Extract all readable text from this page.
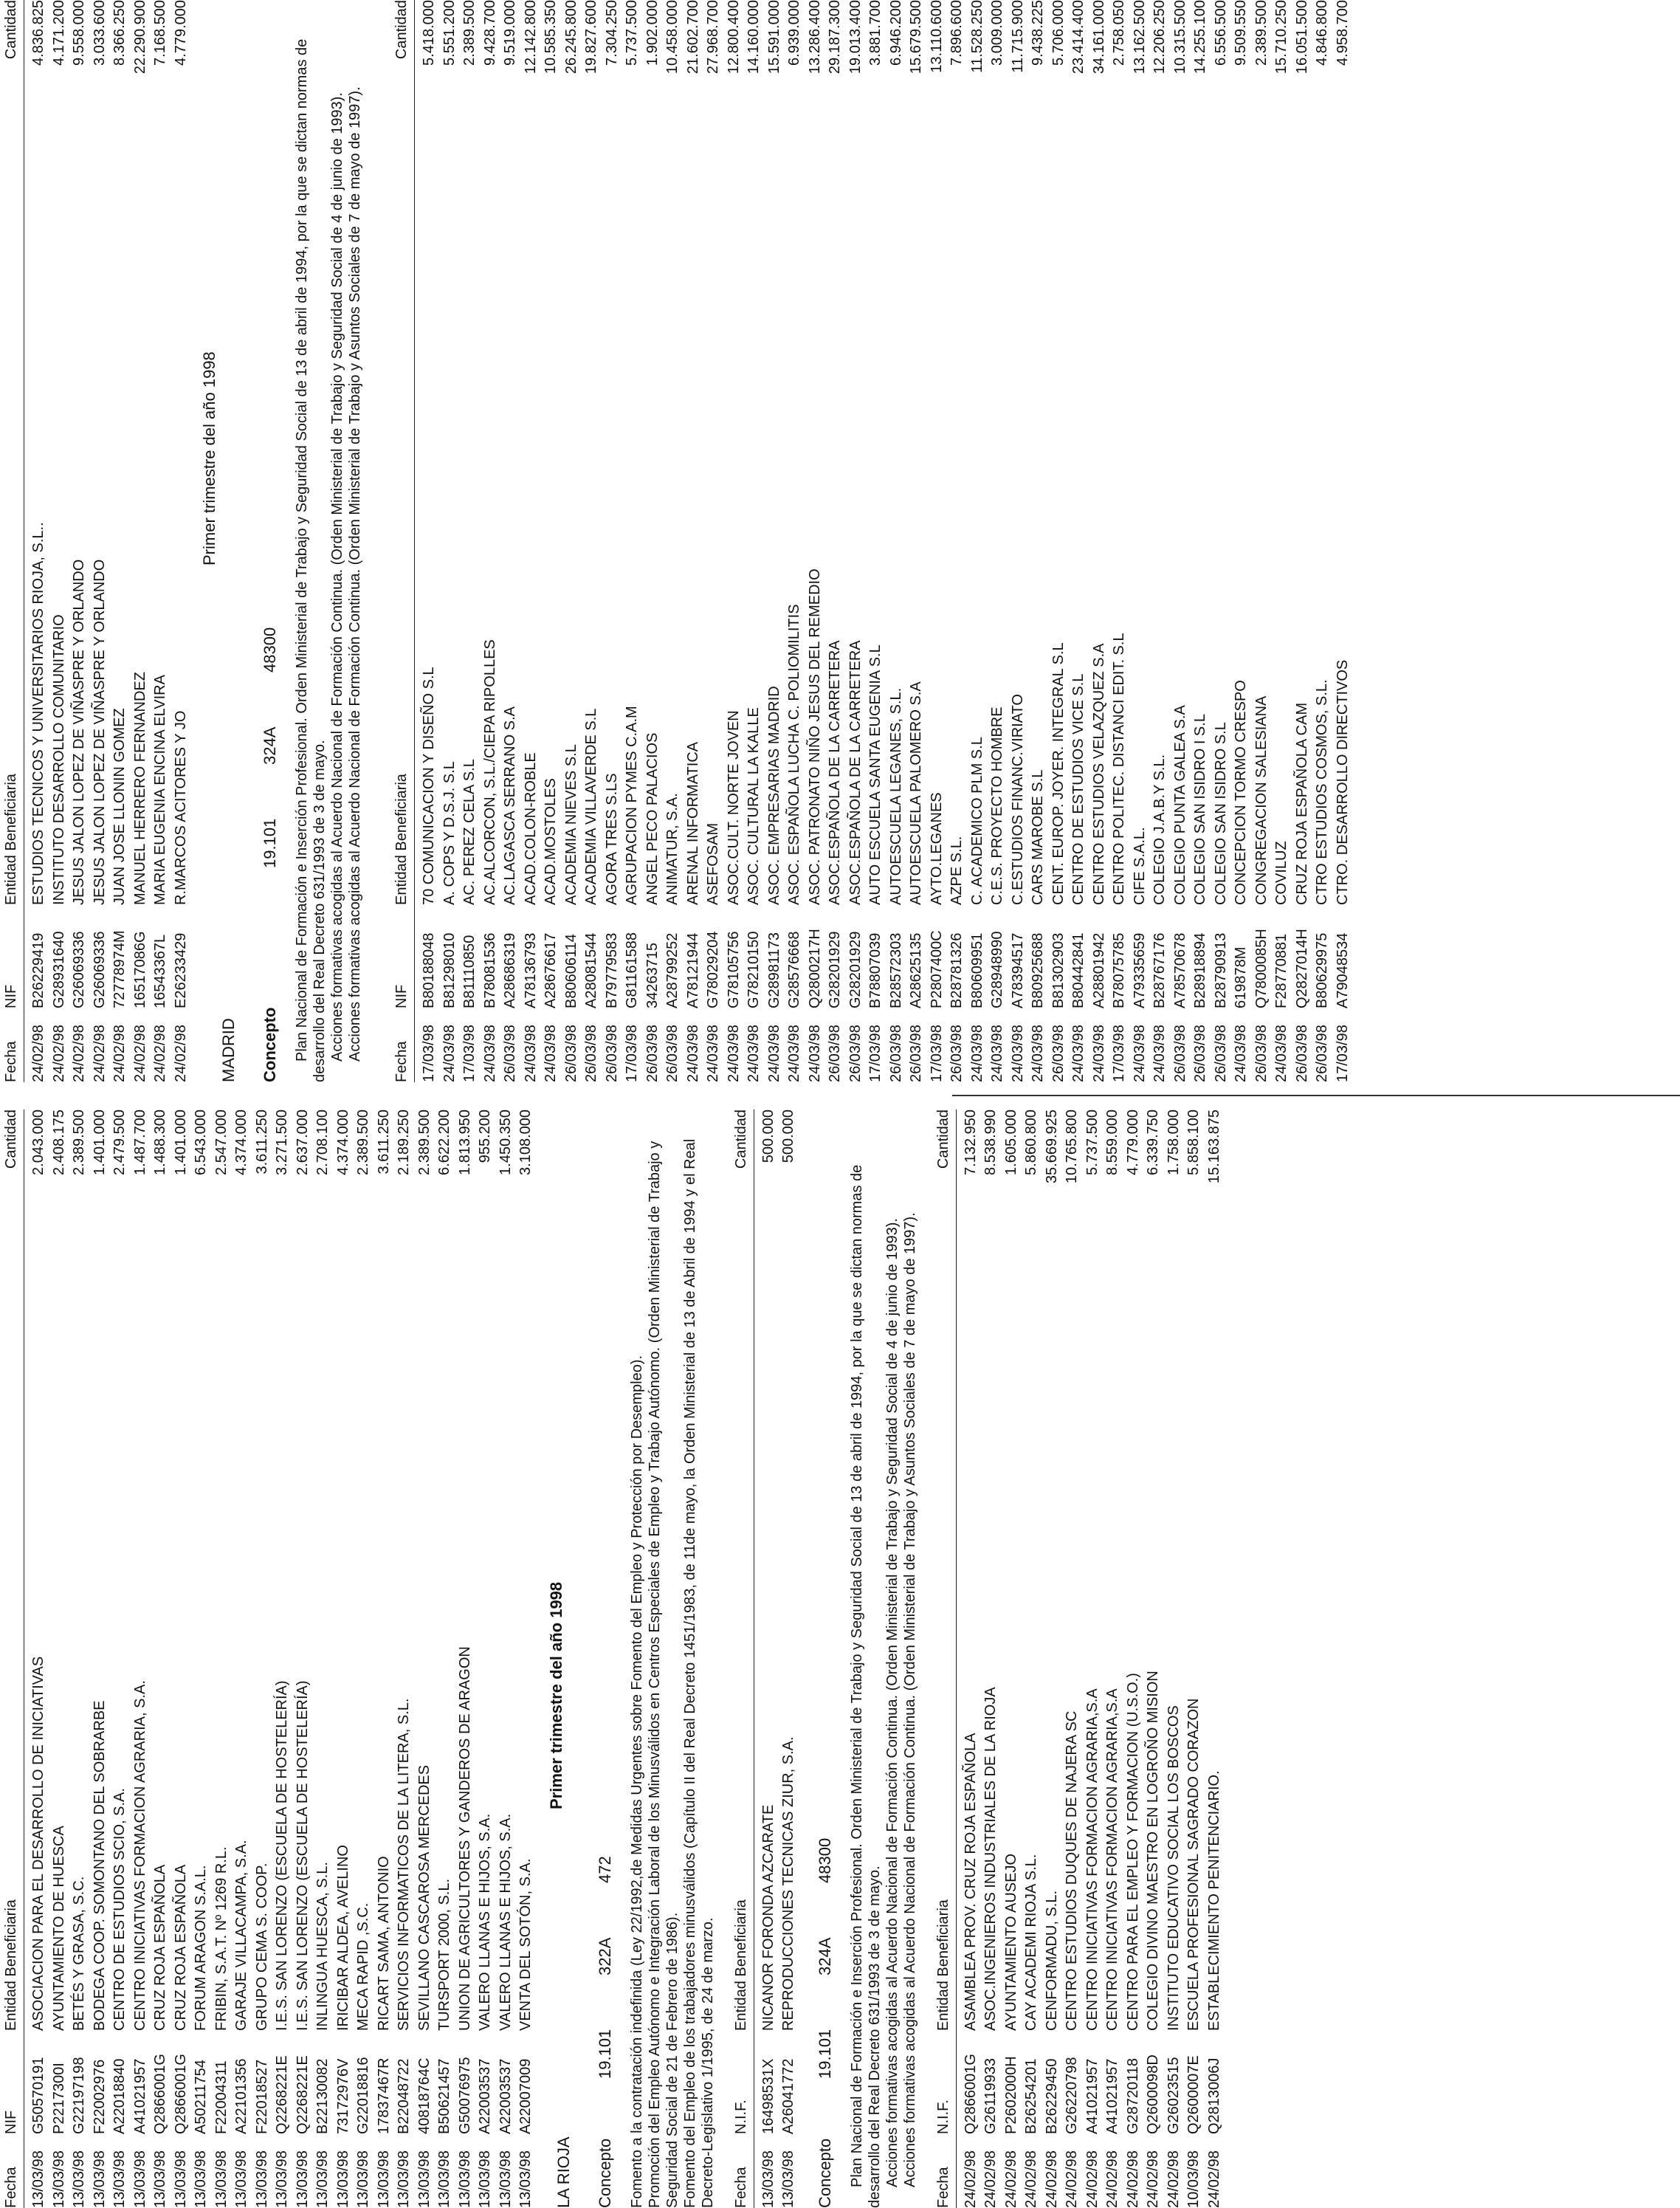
Fecha
NIF
Entidad Beneficiaria
Cantidad
13/03/98
G50570191
ASOCIACION PARA EL DESARROLLO DE INICIATIVAS
2.043.000
13/03/98
P2217300I
AYUNTAMIENTO DE HUESCA
2.408.175
13/03/98
G22197198
BETÉS Y GRASA, S.C.
2.389.500
13/03/98
F22002976
BODEGA COOP. SOMONTANO DEL SOBRARBE
1.401.000
13/03/98
A22018840
CENTRO DE ESTUDIOS SCIO, S.A.
2.479.500
13/03/98
A41021957
CENTRO INICIATIVAS FORMACION AGRARIA, S.A.
1.487.700
13/03/98
Q2866001G
CRUZ ROJA ESPAÑOLA
1.488.300
13/03/98
Q2866001G
CRUZ ROJA ESPAÑOLA
1.401.000
13/03/98
A50211754
FORUM ARAGON S.A.L.
6.543.000
13/03/98
F22004311
FRIBIN, S.A.T. Nº 1269 R.L.
2.547.000
13/03/98
A22101356
GARAJE VILLACAMPA, S.A.
4.374.000
13/03/98
F22018527
GRUPO CEMA S. COOP.
3.611.250
13/03/98
Q2268221E
I.E.S. SAN LORENZO (ESCUELA DE HOSTELERÍA)
3.271.500
13/03/98
Q2268221E
I.E.S. SAN LORENZO (ESCUELA DE HOSTELERÍA)
2.637.000
13/03/98
B22130082
INLINGUA HUESCA, S.L.
2.708.100
13/03/98
73172976V
IRICIBAR ALDEA, AVELINO
4.374.000
13/03/98
G22018816
MECA RAPID ,S.C.
2.389.500
13/03/98
17837467R
RICART SAMA, ANTONIO
3.611.250
13/03/98
B22048722
SERVICIOS INFORMATICOS DE LA LITERA, S.L.
2.189.250
13/03/98
40818764C
SEVILLANO CASCAROSA MERCEDES
2.389.500
13/03/98
B50621457
TURSPORT 2000, S.L.
6.622.200
13/03/98
G50076975
UNION DE AGRICULTORES Y GANDEROS DE ARAGON
1.813.950
13/03/98
A22003537
VALERO LLANAS E HIJOS, S.A.
955.200
13/03/98
A22003537
VALERO LLANAS E HIJOS, S.A.
1.450.350
13/03/98
A22007009
VENTA DEL SOTÓN, S.A.
3.108.000
LA RIOJA
Primer trimestre del año 1998
Concepto
19.101
322A
472 Fomento a la contratación indefinida (Ley 22/1992,de Medidas Urgentes sobre Fomento del Empleo y Protección por Desempleo). Promoción del Empleo Autónomo e Integración Laboral de los Minusválidos en Centros Especiales de Empleo y Trabajo Autónomo. (Orden Ministerial de Trabajo y Seguridad Social de 21 de Febrero de 1986). Fomento del Empleo de los trabajadores minusválidos (Capítulo II del Real Decreto 1451/1983, de 11de mayo, la Orden Ministerial de 13 de Abril de 1994 y el Real Decreto-Legislativo 1/1995, de 24 de marzo. Fecha
N.I.F.
Entidad Beneficiaria
Cantidad
13/03/98
16498531X
NICANOR FORONDA AZCARATE
500.000
13/03/98
A26041772
REPRODUCCIONES TECNICAS ZIUR, S.A.
500.000
Concepto
19.101
324A
48300 Plan Nacional de Formación e Inserción Profesional. Orden Ministerial de Trabajo y Seguridad Social de 13 de abril de 1994, por la que se dictan normas de desarrollo del Real Decreto 631/1993 de 3 de mayo. Acciones formativas acogidas al Acuerdo Nacional de Formación Continua. (Orden Ministerial de Trabajo y Seguridad Social de 4 de junio de 1993). Acciones formativas acogidas al Acuerdo Nacional de Formación Continua. (Orden Ministerial de Trabajo y Asuntos Sociales de 7 de mayo de 1997).

Fecha
N.I.F.
Entidad Beneficiaria
Cantidad
24/02/98
Q2866001G
ASAMBLEA PROV. CRUZ ROJA ESPAÑOLA
7.132.950
24/02/98
G26119933
ASOC.INGENIEROS INDUSTRIALES DE LA RIOJA
8.538.990
24/02/98
P2602000H
AYUNTAMIENTO AUSEJO
1.605.000
24/02/98
B26254201
CAY ACADEMI RIOJA S.L.
5.860.800
24/02/98
B26229450
CENFORMADU, S.L.
35.669.925
24/02/98
G26220798
CENTRO ESTUDIOS DUQUES DE NAJERA SC
10.765.800
24/02/98
A41021957
CENTRO INICIATIVAS FORMACION AGRARIA,S.A
5.737.500
24/02/98
A41021957
CENTRO INICIATIVAS FORMACION AGRARIA,S.A
8.559.000
24/02/98
G28720118
CENTRO PARA EL EMPLEO Y FORMACION (U.S.O.)
4.779.000
24/02/98
Q2600098D
COLEGIO DIVINO MAESTRO EN LOGROÑO MISION
6.339.750
24/02/98
G26023515
INSTITUTO EDUCATIVO SOCIAL LOS BOSCOS
1.758.000
10/03/98
Q2600007E
ESCUELA PROFESIONAL SAGRADO CORAZON
5.858.100
24/02/98
Q2813006J
ESTABLECIMIENTO PENITENCIARIO.
15.163.875
Fecha
NIF
Entidad Beneficiaria
Cantidad
24/02/98
B26229419
ESTUDIOS TECNICOS Y UNIVERSITARIOS RIOJA, S.L..
4.836.825
24/02/98
G28931640
INSTITUTO DESARROLLO COMUNITARIO
4.171.200
24/02/98
G26069336
JESUS JALON LOPEZ DE VIÑASPRE Y ORLANDO
9.558.000
24/02/98
G26069336
JESUS JALON LOPEZ DE VIÑASPRE Y ORLANDO
3.033.600
24/02/98
72778974M
JUAN JOSE LLONIN GOMEZ
8.366.250
24/02/98
16517086G
MANUEL HERRERO FERNANDEZ
22.290.900
24/02/98
16543367L
MARIA EUGENIA ENCINA ELVIRA
7.168.500
24/02/98
E26233429
R.MARCOS ACITORES Y JO
4.779.000
MADRID
Primer trimestre del año 1998
Concepto
19.101
324A
48300 Plan Nacional de Formación e Inserción Profesional. Orden Ministerial de Trabajo y Seguridad Social de 13 de abril de 1994, por la que se dictan normas de desarrollo del Real Decreto 631/1993 de 3 de mayo. Acciones formativas acogidas al Acuerdo Nacional de Formación Continua. (Orden Ministerial de Trabajo y Seguridad Social de 4 de junio de 1993). Acciones formativas acogidas al Acuerdo Nacional de Formación Continua. (Orden Ministerial de Trabajo y Asuntos Sociales de 7 de mayo de 1997).

Fecha
NIF
Entidad Beneficiaria
Cantidad
17/03/98
B80188048
70 COMUNICACION Y DISEÑO S.L
5.418.000
24/03/98
B81298010
A. COPS Y D.S.J. S.L
5.551.200
17/03/98
B81110850
AC. PEREZ CELA S.L
2.389.500
24/03/98
B78081536
AC.ALCORCON, S.L./CIEPA RIPOLLES
9.428.700
26/03/98
A28686319
AC.LAGASCA SERRANO S.A
9.519.000
24/03/98
A78136793
ACAD.COLON-ROBLE
12.142.800
24/03/98
A28676617
ACAD.MOSTOLES
10.585.350
26/03/98
B80606114
ACADEMIA NIEVES S.L
26.245.800
26/03/98
A28081544
ACADEMIA VILLAVERDE S.L
19.827.600
26/03/98
B79779583
AGORA TRES S.LS
7.304.250
17/03/98
G81161588
AGRUPACION PYMES C.A.M
5.737.500
26/03/98
34263715
ANGEL PECO PALACIOS
1.902.000
26/03/98
A28799252
ANIMATUR, S.A.
10.458.000
24/03/98
A78121944
ARENAL INFORMATICA
21.602.700
24/03/98
G78029204
ASEFOSAM
27.968.700
24/03/98
G78105756
ASOC.CULT. NORTE JOVEN
12.800.400
24/03/98
G78210150
ASOC. CULTURAL LA KALLE
14.160.000
24/03/98
G28981173
ASOC. EMPRESARIAS MADRID
15.591.000
24/03/98
G28576668
ASOC. ESPAÑOLA LUCHA C. POLIOMILITIS
6.939.000
24/03/98
Q2800217H
ASOC. PATRONATO NIÑO JESUS DEL REMEDIO
13.286.400
26/03/98
G28201929
ASOC.ESPAÑOLA DE LA CARRETERA
29.187.300
26/03/98
G28201929
ASOC.ESPAÑOLA DE LA CARRETERA
19.013.400
17/03/98
B78807039
AUTO ESCUELA SANTA EUGENIA S.L
3.881.700
26/03/98
B28572303
AUTOESCUELA LEGANES, S.L.
6.946.200
26/03/98
A28625135
AUTOESCUELA PALOMERO S.A
15.679.500
17/03/98
P2807400C
AYTO.LEGANES
13.110.600
26/03/98
B28781326
AZPE S.L.
7.896.600
24/03/98
B80609951
C. ACADEMICO PLM S.L
11.528.250
24/03/98
G28948990
C.E.S. PROYECTO HOMBRE
3.009.000
24/03/98
A78394517
C.ESTUDIOS FINANC.VIRIATO
11.715.900
24/03/98
B80925688
CARS MAROBE S.L
9.438.225
26/03/98
B81302903
CENT. EUROP. JOYER. INTEGRAL S.L
5.706.000
24/03/98
B80442841
CENTRO DE ESTUDIOS VICE S.L
23.414.400
24/03/98
A28801942
CENTRO ESTUDIOS VELAZQUEZ S.A
34.161.000
17/03/98
B78075785
CENTRO POLITEC. DISTANCI EDIT. S.L
2.758.050
24/03/98
A79335659
CIFE S.A.L.
13.162.500
24/03/98
B28767176
COLEGIO J.A.B.Y S.L.
12.206.250
26/03/98
A78570678
COLEGIO PUNTA GALEA S.A
10.315.500
26/03/98
B28918894
COLEGIO SAN ISIDRO I S.L
14.255.100
26/03/98
B28790913
COLEGIO SAN ISIDRO S.L
6.556.500
24/03/98
619878M
CONCEPCION TORMO CRESPO
9.509.550
26/03/98
Q7800085H
CONGREGACION SALESIANA
2.389.500
24/03/98
F28770881
COVILUZ
15.710.250
26/03/98
Q2827014H
CRUZ ROJA ESPAÑOLA CAM
16.051.500
26/03/98
B80629975
CTRO ESTUDIOS COSMOS, S.L.
4.846.800
17/03/98
A79048534
CTRO. DESARROLLO DIRECTIVOS
4.958.700
